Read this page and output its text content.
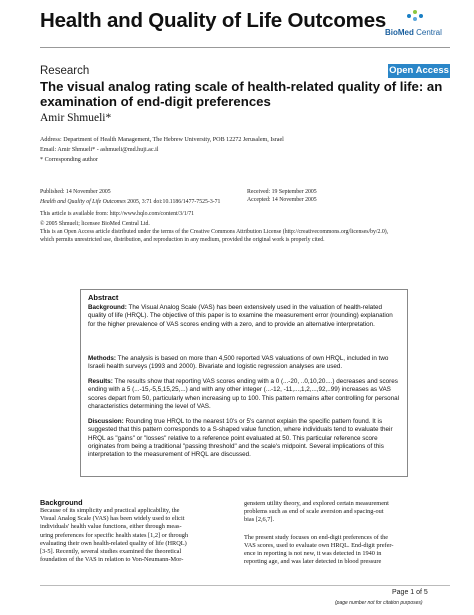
Health and Quality of Life Outcomes
BioMed Central
Research	Open Access
The visual analog rating scale of health-related quality of life: an examination of end-digit preferences
Amir Shmueli*
Address: Department of Health Management, The Hebrew University, POB 12272 Jerusalem, Israel
Email: Amir Shmueli* - ashmueli@md.huji.ac.il
* Corresponding author
Published: 14 November 2005
Health and Quality of Life Outcomes 2005, 3:71 doi:10.1186/1477-7525-3-71
Received: 19 September 2005
Accepted: 14 November 2005
This article is available from: http://www.hqlo.com/content/3/1/71
© 2005 Shmueli; licensee BioMed Central Ltd.
This is an Open Access article distributed under the terms of the Creative Commons Attribution License (http://creativecommons.org/licenses/by/2.0),
which permits unrestricted use, distribution, and reproduction in any medium, provided the original work is properly cited.
Abstract
Background: The Visual Analog Scale (VAS) has been extensively used in the valuation of health-related quality of life (HRQL). The objective of this paper is to examine the measurement error (rounding) explanation for the higher prevalence of VAS scores ending with a zero, and to provide an alternative interpretation.
Methods: The analysis is based on more than 4,500 reported VAS valuations of own HRQL, included in two Israeli health surveys (1993 and 2000). Bivariate and logistic regression analyses are used.
Results: The results show that reporting VAS scores ending with a 0 (...-20, ..0,10,20....) decreases and scores ending with a 5 (...-15,-5,5,15,25,...) and with any other integer (...-12, -11,...,1,2,...,92,..99) increases as VAS scores depart from 50, particularly when increasing up to 100. This pattern remains after controlling for personal characteristics determining the level of VAS.
Discussion: Rounding true HRQL to the nearest 10's or 5's cannot explain the specific pattern found. It is suggested that this pattern corresponds to a S-shaped value function, where individuals tend to evaluate their HRQL as "gains" or "losses" relative to a reference point evaluated at 50. This particular reference score originates from being a traditional "passing threshold" and the scale's midpoint. Several implications of this interpretation to the measurement of HRQL are discussed.
Background
Because of its simplicity and practical applicability, the
Visual Analog Scale (VAS) has been widely used to elicit
individuals' health value functions, either through meas-
uring preferences for specific health states [1,2] or through
evaluating their own health-related quality of life (HRQL)
[3-5]. Recently, several studies examined the theoretical
foundation of the VAS in relation to Von-Neumann-Mor-
genstern utility theory, and explored certain measurement
problems such as end of scale aversion and spacing-out
bias [2,6,7].
The present study focuses on end-digit preferences of the
VAS scores, used to evaluate own HRQL. End-digit prefer-
ence in reporting is not new, it was detected in 1940 in
reporting age, and was later detected in blood pressure
Page 1 of 5
(page number not for citation purposes)
